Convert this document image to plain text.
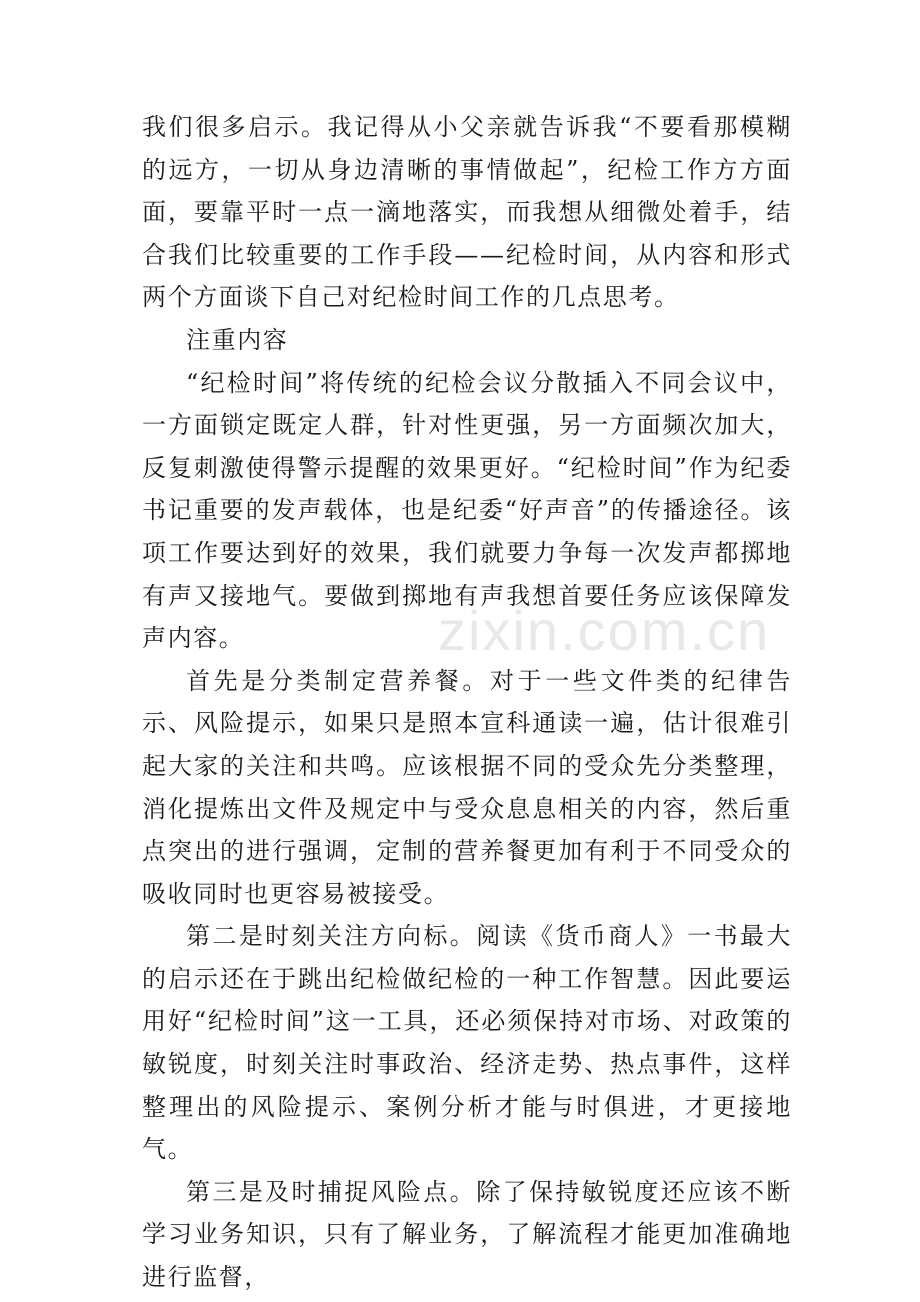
我们很多启示。我记得从小父亲就告诉我“不要看那模糊的远方，一切从身边清晰的事情做起”，纪检工作方方面面，要靠平时一点一滴地落实，而我想从细微处着手，结合我们比较重要的工作手段——纪检时间，从内容和形式两个方面谈下自己对纪检时间工作的几点思考。

注重内容

“纪检时间”将传统的纪检会议分散插入不同会议中，一方面锁定既定人群，针对性更强，另一方面频次加大，反复刺激使得警示提醒的效果更好。“纪检时间”作为纪委书记重要的发声载体，也是纪委“好声音”的传播途径。该项工作要达到好的效果，我们就要力争每一次发声都掷地有声又接地气。要做到掷地有声我想首要任务应该保障发声内容。

首先是分类制定营养餐。对于一些文件类的纪律告示、风险提示，如果只是照本宣科通读一遍，估计很难引起大家的关注和共鸣。应该根据不同的受众先分类整理，消化提炼出文件及规定中与受众息息相关的内容，然后重点突出的进行强调，定制的营养餐更加有利于不同受众的吸收同时也更容易被接受。

第二是时刻关注方向标。阅读《货币商人》一书最大的启示还在于跳出纪检做纪检的一种工作智慧。因此要运用好“纪检时间”这一工具，还必须保持对市场、对政策的敏锐度，时刻关注时事政治、经济走势、热点事件，这样整理出的风险提示、案例分析才能与时俱进，才更接地气。

第三是及时捕捉风险点。除了保持敏锐度还应该不断学习业务知识，只有了解业务，了解流程才能更加准确地进行监督，

zixin.com.cn
